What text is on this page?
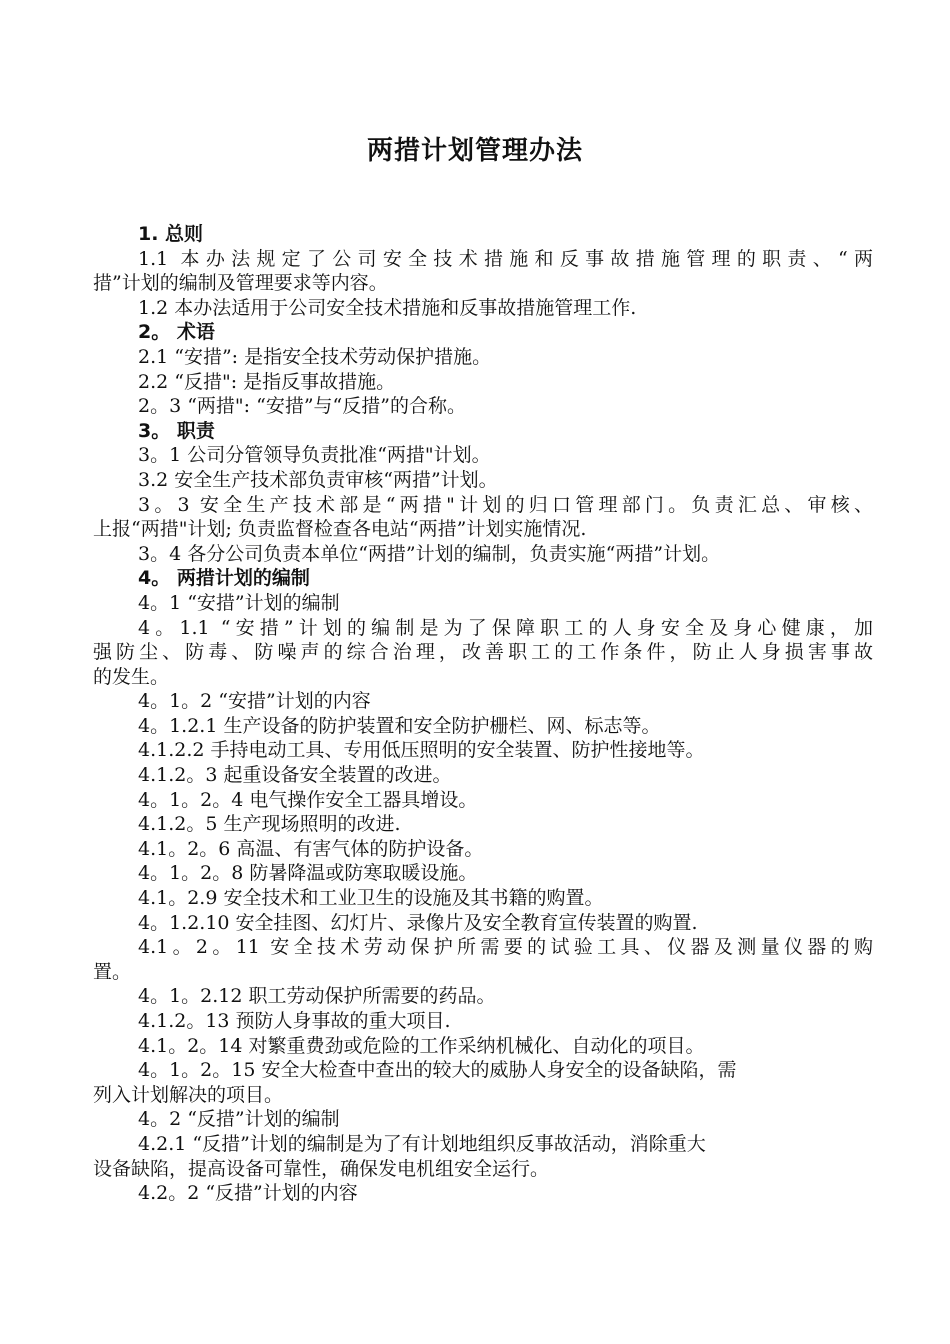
两措计划管理办法
1. 总则
1.1 本办法规定了公司安全技术措施和反事故措施管理的职责、“两
措”计划的编制及管理要求等内容。
1.2 本办法适用于公司安全技术措施和反事故措施管理工作.
2。 术语
2.1 “安措”: 是指安全技术劳动保护措施。
2.2 “反措": 是指反事故措施。
2。3 “两措": “安措”与“反措”的合称。
3。 职责
3。1 公司分管领导负责批准“两措"计划。
3.2 安全生产技术部负责审核“两措”计划。
3。3 安全生产技术部是“两措"计划的归口管理部门。负责汇总、审核、
上报“两措"计划; 负责监督检查各电站“两措”计划实施情况.
3。4 各分公司负责本单位“两措”计划的编制，负责实施“两措”计划。
4。 两措计划的编制
4。1 “安措”计划的编制
4。1.1 “安措”计划的编制是为了保障职工的人身安全及身心健康，加
强防尘、防毒、防噪声的综合治理，改善职工的工作条件，防止人身损害事故
的发生。
4。1。2 “安措”计划的内容
4。1.2.1 生产设备的防护装置和安全防护栅栏、网、标志等。
4.1.2.2 手持电动工具、专用低压照明的安全装置、防护性接地等。
4.1.2。3 起重设备安全装置的改进。
4。1。2。4 电气操作安全工器具增设。
4.1.2。5 生产现场照明的改进.
4.1。2。6 高温、有害气体的防护设备。
4。1。2。8 防暑降温或防寒取暖设施。
4.1。2.9 安全技术和工业卫生的设施及其书籍的购置。
4。1.2.10 安全挂图、幻灯片、录像片及安全教育宣传装置的购置.
4.1。2。11 安全技术劳动保护所需要的试验工具、仪器及测量仪器的购
置。
4。1。2.12 职工劳动保护所需要的药品。
4.1.2。13 预防人身事故的重大项目.
4.1。2。14 对繁重费劲或危险的工作采纳机械化、自动化的项目。
4。1。2。15 安全大检查中查出的较大的威胁人身安全的设备缺陷，需
列入计划解决的项目。
4。2 “反措”计划的编制
4.2.1 “反措”计划的编制是为了有计划地组织反事故活动，消除重大
设备缺陷，提高设备可靠性，确保发电机组安全运行。
4.2。2 “反措”计划的内容
